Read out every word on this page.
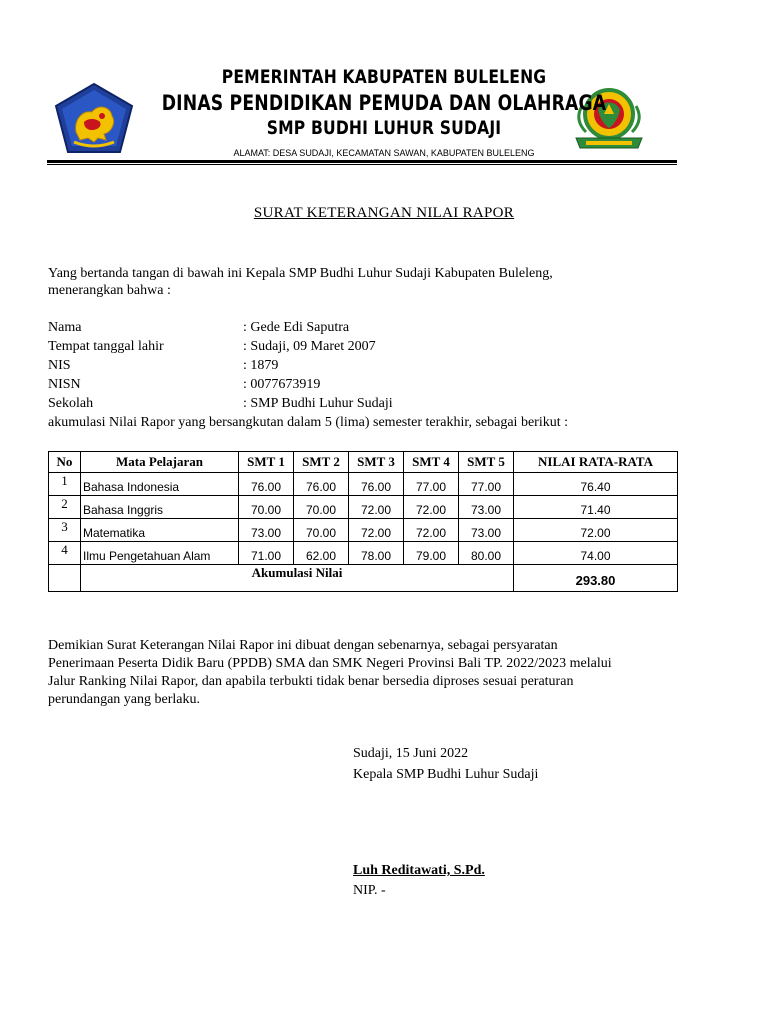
PEMERINTAH KABUPATEN BULELENG
DINAS PENDIDIKAN PEMUDA DAN OLAHRAGA
SMP BUDHI LUHUR SUDAJI
ALAMAT: DESA SUDAJI, KECAMATAN SAWAN, KABUPATEN BULELENG
SURAT KETERANGAN NILAI RAPOR
Yang bertanda tangan di bawah ini Kepala SMP Budhi Luhur Sudaji Kabupaten Buleleng,
menerangkan bahwa :
Nama	: Gede Edi Saputra
Tempat tanggal lahir	: Sudaji, 09 Maret 2007
NIS	: 1879
NISN	: 0077673919
Sekolah	: SMP Budhi Luhur Sudaji
akumulasi Nilai Rapor yang bersangkutan dalam 5 (lima) semester terakhir, sebagai berikut :
No	Mata Pelajaran	SMT 1	SMT 2	SMT 3	SMT 4	SMT 5	NILAI RATA-RATA
1	Bahasa Indonesia	76.00	76.00	76.00	77.00	77.00	76.40
2	Bahasa Inggris	70.00	70.00	72.00	72.00	73.00	71.40
3	Matematika	73.00	70.00	72.00	72.00	73.00	72.00
4	Ilmu Pengetahuan Alam	71.00	62.00	78.00	79.00	80.00	74.00
	Akumulasi Nilai						293.80
Demikian Surat Keterangan Nilai Rapor ini dibuat dengan sebenarnya, sebagai persyaratan
Penerimaan Peserta Didik Baru (PPDB) SMA dan SMK Negeri Provinsi Bali TP. 2022/2023 melalui
Jalur Ranking Nilai Rapor, dan apabila terbukti tidak benar bersedia diproses sesuai peraturan
perundangan yang berlaku.
Sudaji, 15 Juni 2022
Kepala SMP Budhi Luhur Sudaji
Luh Reditawati, S.Pd.
NIP. -
